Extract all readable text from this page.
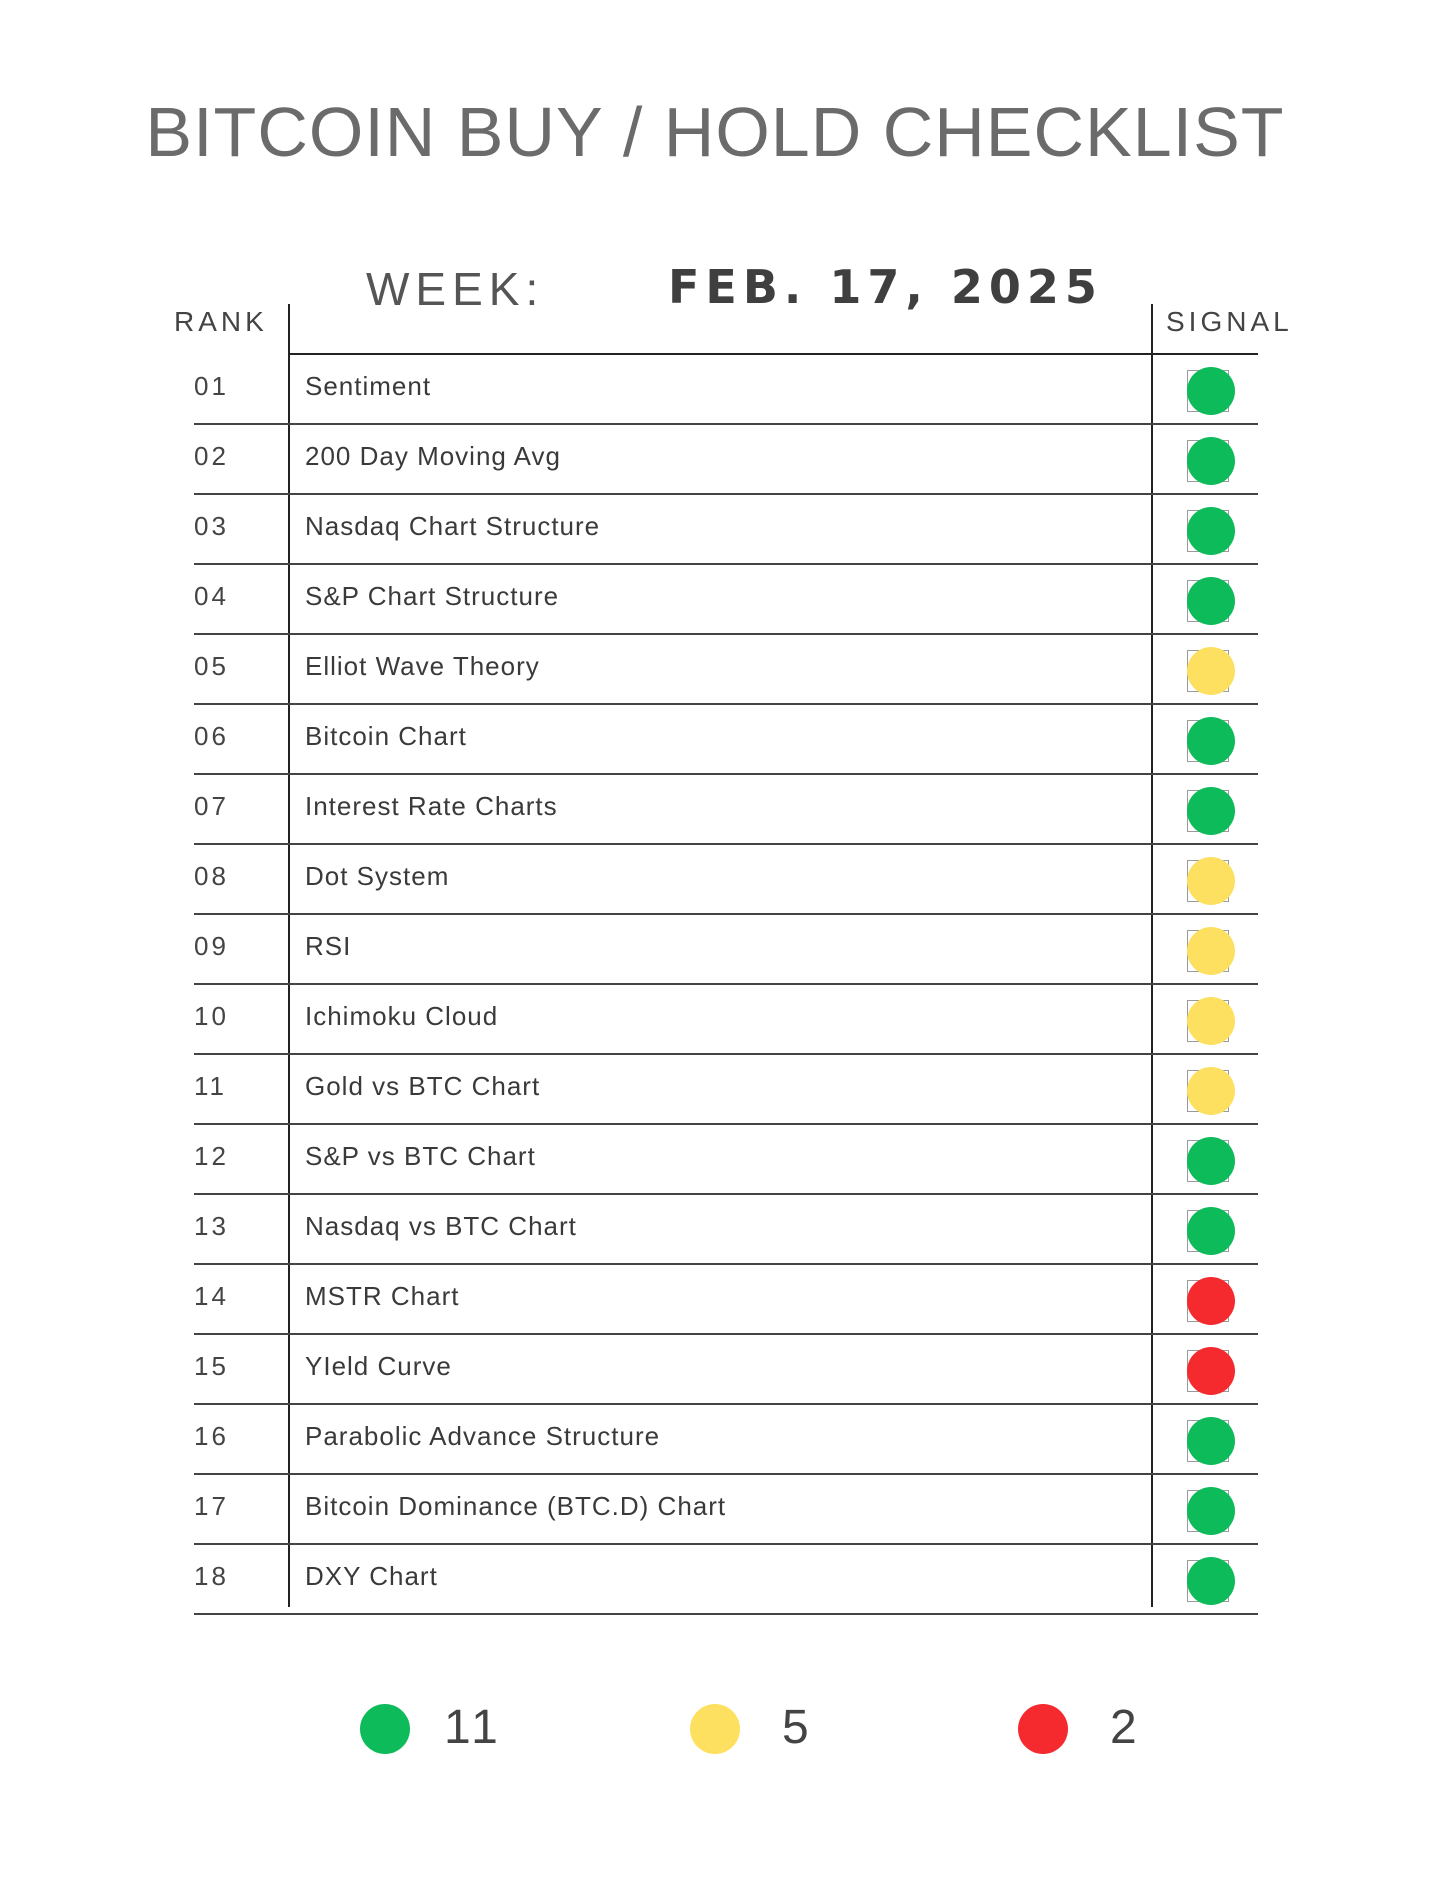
BITCOIN BUY / HOLD CHECKLIST
WEEK:	FEB. 17, 2025
RANK	SIGNAL
01	Sentiment
02	200 Day Moving Avg
03	Nasdaq Chart Structure
04	S&P Chart Structure
05	Elliot Wave Theory
06	Bitcoin Chart
07	Interest Rate Charts
08	Dot System
09	RSI
10	Ichimoku Cloud
11	Gold vs BTC Chart
12	S&P vs BTC Chart
13	Nasdaq vs BTC Chart
14	MSTR Chart
15	YIeld Curve
16	Parabolic Advance Structure
17	Bitcoin Dominance (BTC.D) Chart
18	DXY Chart
11	5	2
